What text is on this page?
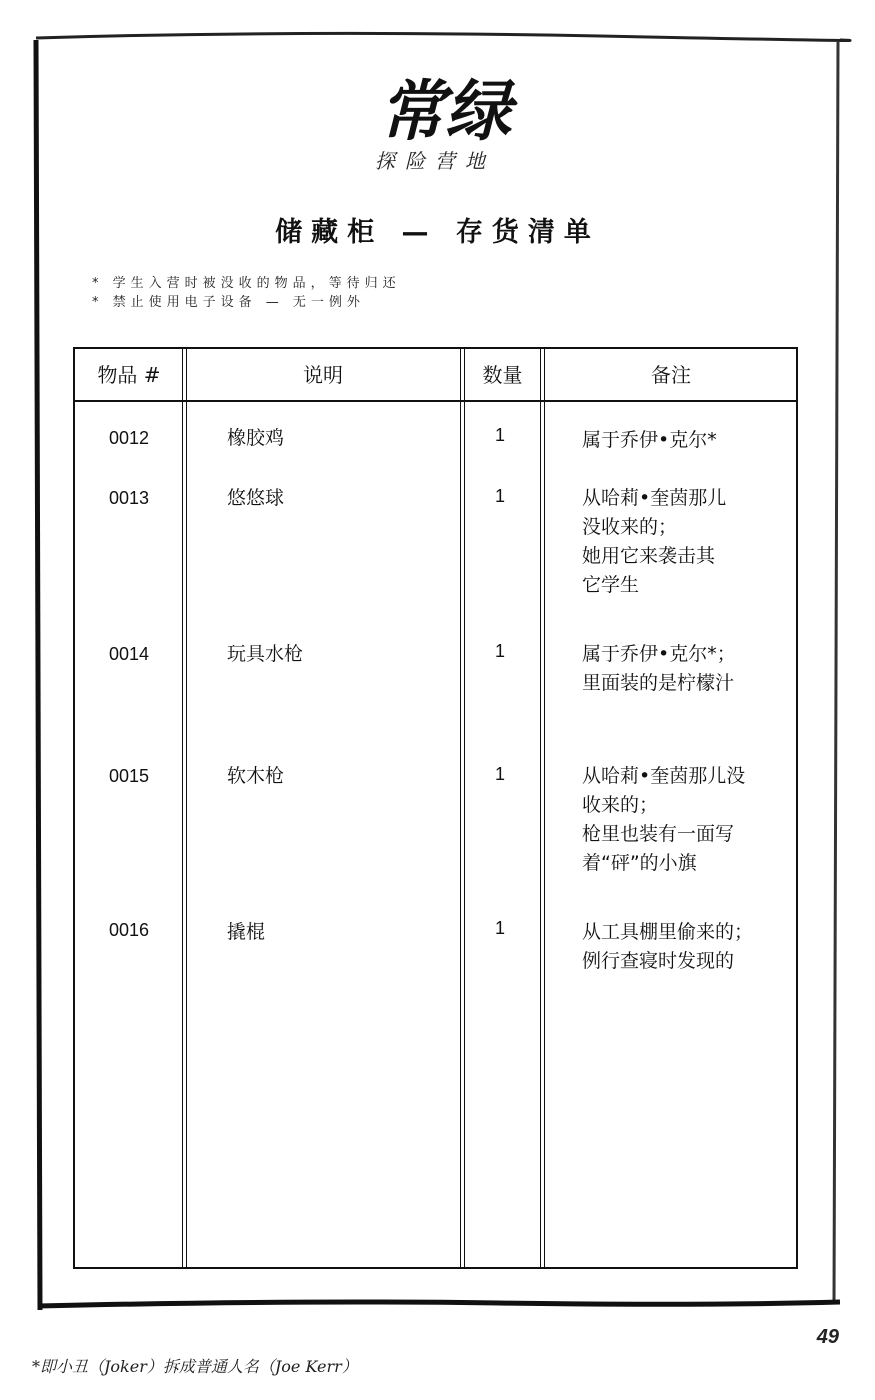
常绿
探险营地
储藏柜 — 存货清单
* 学生入营时被没收的物品，等待归还
* 禁止使用电子设备 — 无一例外
物品 #	说明	数量	备注
0012	橡胶鸡	1	属于乔伊•克尔*
0013	悠悠球	1	从哈莉•奎茵那儿
没收来的；
她用它来袭击其
它学生
0014	玩具水枪	1	属于乔伊•克尔*；
里面装的是柠檬汁
0015	软木枪	1	从哈莉•奎茵那儿没
收来的；
枪里也装有一面写
着“砰”的小旗
0016	撬棍	1	从工具棚里偷来的；
例行查寝时发现的
49
*即小丑（Joker）拆成普通人名（Joe Kerr）
